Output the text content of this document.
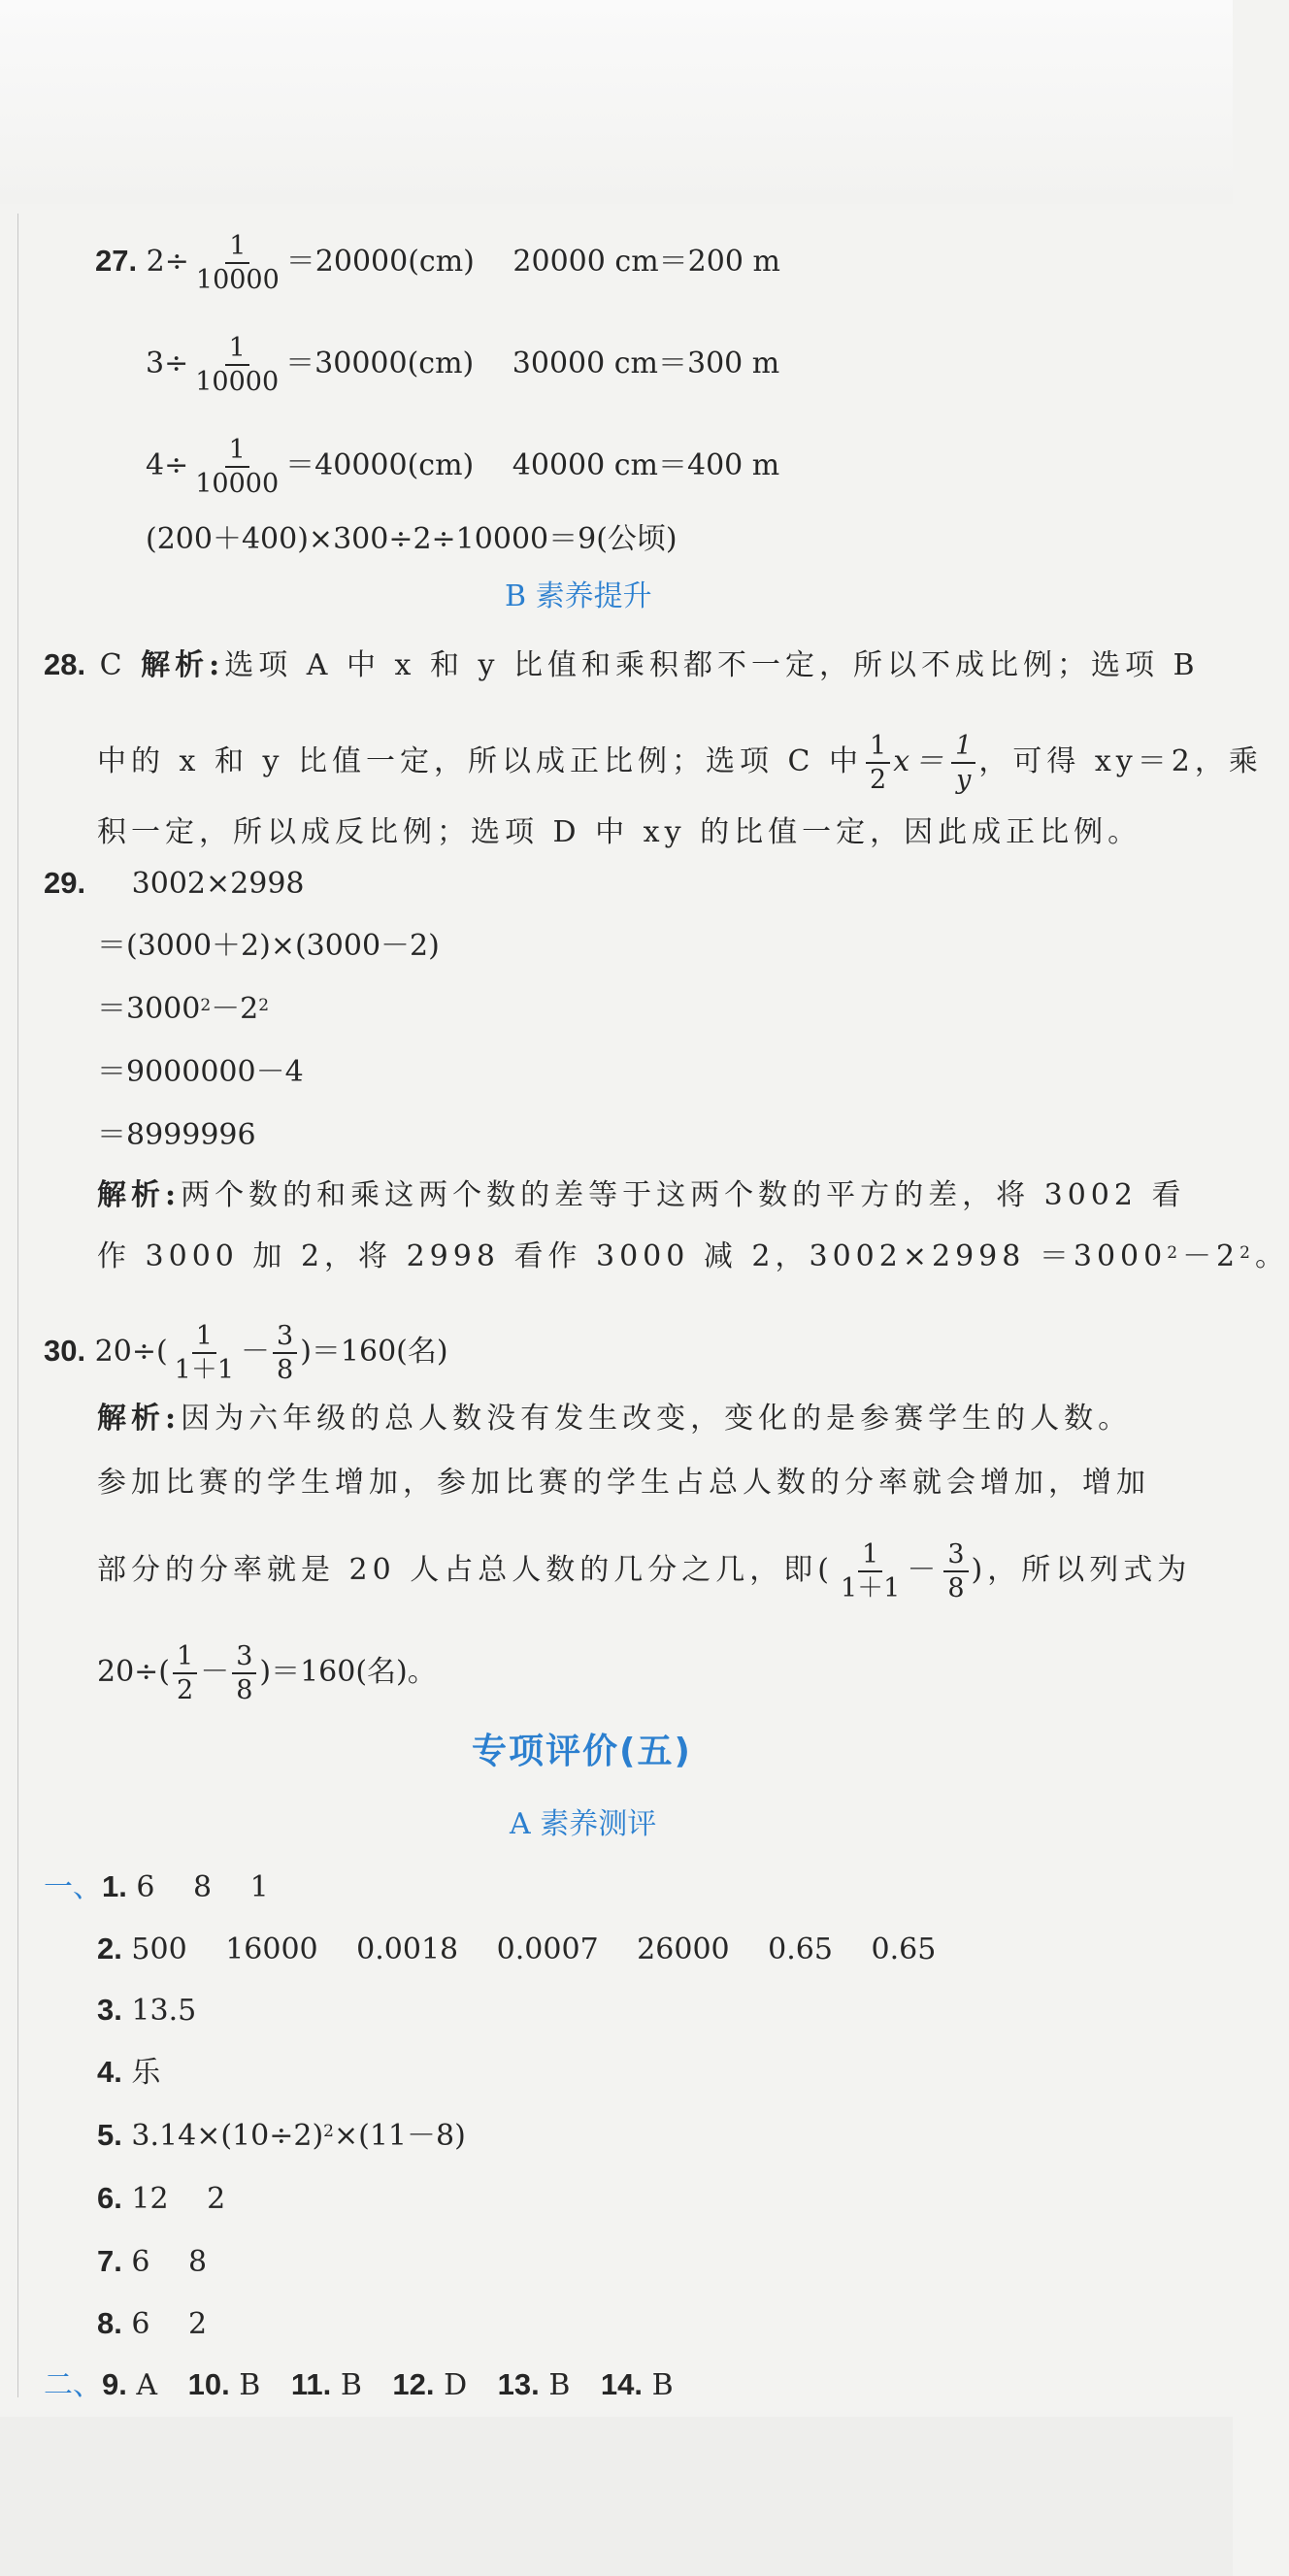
27. $2\div \frac{1}{10000} =20000(cm)$　 20000 cm＝200 m
$3\div \frac{1}{10000} =30000(cm)$　 30000 cm＝300 m
$4\div \frac{1}{10000} =40000(cm)$　 40000 cm＝400 m
(200＋400)×300÷2÷10000＝9(公顷)
B 素养提升
28. C 解析:选项 A 中 x 和 y 比值和乘积都不一定，所以不成比例；选项 B
中的 x 和 y 比值一定，所以成正比例；选项 C 中 $\frac{1}{2} x= \frac{1}{y}$ ，可得 xy＝2，乘
积一定，所以成反比例；选项 D 中 xy 的比值一定，因此成正比例。
29. 3002×2998
＝(3000＋2)×(3000－2)
$=3000^2-2^2$
＝9000000－4
＝8999996
解析:两个数的和乘这两个数的差等于这两个数的平方的差，将 3002 看
作 3000 加 2，将 2998 看作 3000 减 2，$3002\times 2998 =3000^2-2^2$。
30. $20\div( \frac{1}{1+1} - \frac{3}{8} )=160$(名)
解析:因为六年级的总人数没有发生改变，变化的是参赛学生的人数。
参加比赛的学生增加，参加比赛的学生占总人数的分率就会增加，增加
部分的分率就是 20 人占总人数的几分之几，即( $\frac{1}{1+1} - \frac{3}{8}$ )，所以列式为
$20\div( \frac{1}{2} - \frac{3}{8} )=160$(名)。
专项评价(五)
A 素养测评
一、1. 6　 8　 1
2. 500　 16000　 0.0018　 0.0007　 26000　 0.65　 0.65
3. 13.5
4. 乐
5. $3.14\times(10\div 2)^2\times(11-8)$
6. 12　 2
7. 6　 8
8. 6　 2
二、9. A 10. B 11. B 12. D 13. B 14. B
